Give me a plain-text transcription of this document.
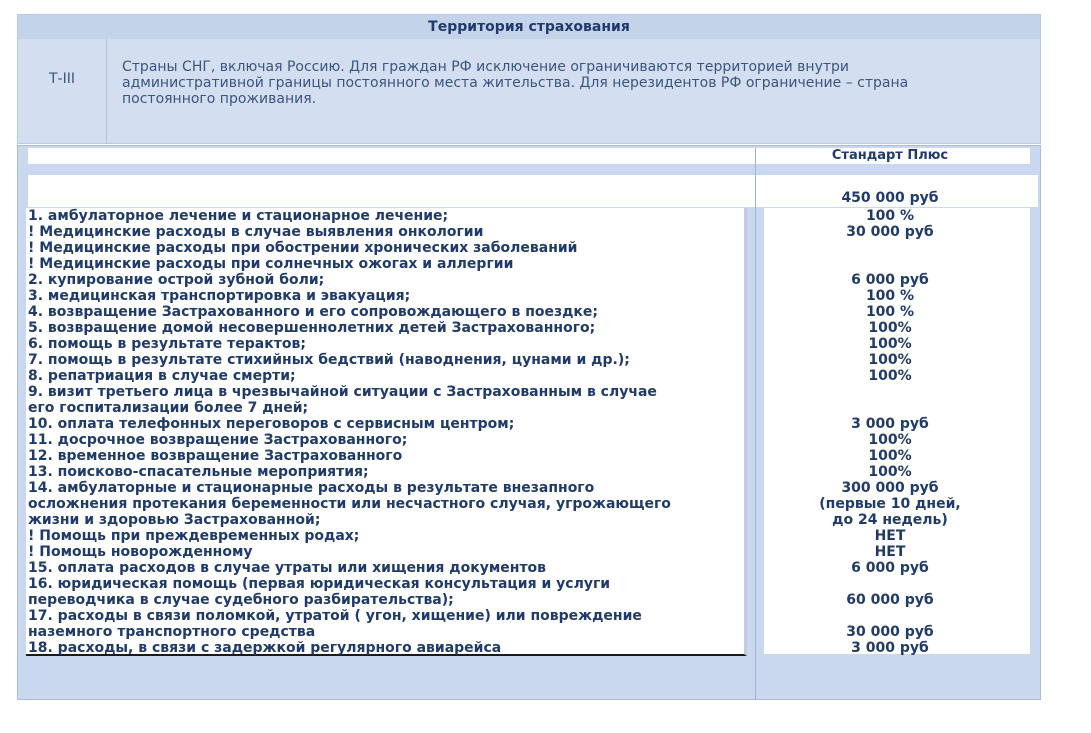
Территория страхования
Т-III
Страны СНГ, включая Россию. Для граждан РФ исключение ограничиваются территорией внутри
административной границы постоянного места жительства. Для нерезидентов РФ ограничение – страна
постоянного проживания.
Стандарт Плюс
450 000 руб
1. амбулаторное лечение и стационарное лечение;
! Медицинские расходы в случае выявления онкологии
! Медицинские расходы при обострении хронических заболеваний
! Медицинские расходы при солнечных ожогах и аллергии
2. купирование острой зубной боли;
3. медицинская транспортировка и эвакуация;
4. возвращение Застрахованного и его сопровождающего в поездке;
5. возвращение домой несовершеннолетних детей Застрахованного;
6. помощь в результате терактов;
7. помощь в результате стихийных бедствий (наводнения, цунами и др.);
8. репатриация в случае смерти;
9. визит третьего лица в чрезвычайной ситуации с Застрахованным в случае
его госпитализации более 7 дней;
10. оплата телефонных переговоров с сервисным центром;
11. досрочное возвращение Застрахованного;
12. временное возвращение Застрахованного
13. поисково-спасательные мероприятия;
14. амбулаторные и стационарные расходы в результате внезапного
осложнения протекания беременности или несчастного случая, угрожающего
жизни и здоровью Застрахованной;
! Помощь при преждевременных родах;
! Помощь новорожденному
15. оплата расходов в случае утраты или хищения документов
16. юридическая помощь (первая юридическая консультация и услуги
переводчика в случае судебного разбирательства);
17. расходы в связи поломкой, утратой ( угон, хищение) или повреждение
наземного транспортного средства
18. расходы, в связи с задержкой регулярного авиарейса
100 %
30 000 руб
6 000 руб
100 %
100 %
100%
100%
100%
100%
3 000 руб
100%
100%
100%
300 000 руб
(первые 10 дней,
до 24 недель)
НЕТ
НЕТ
6 000 руб
60 000 руб
30 000 руб
3 000 руб
